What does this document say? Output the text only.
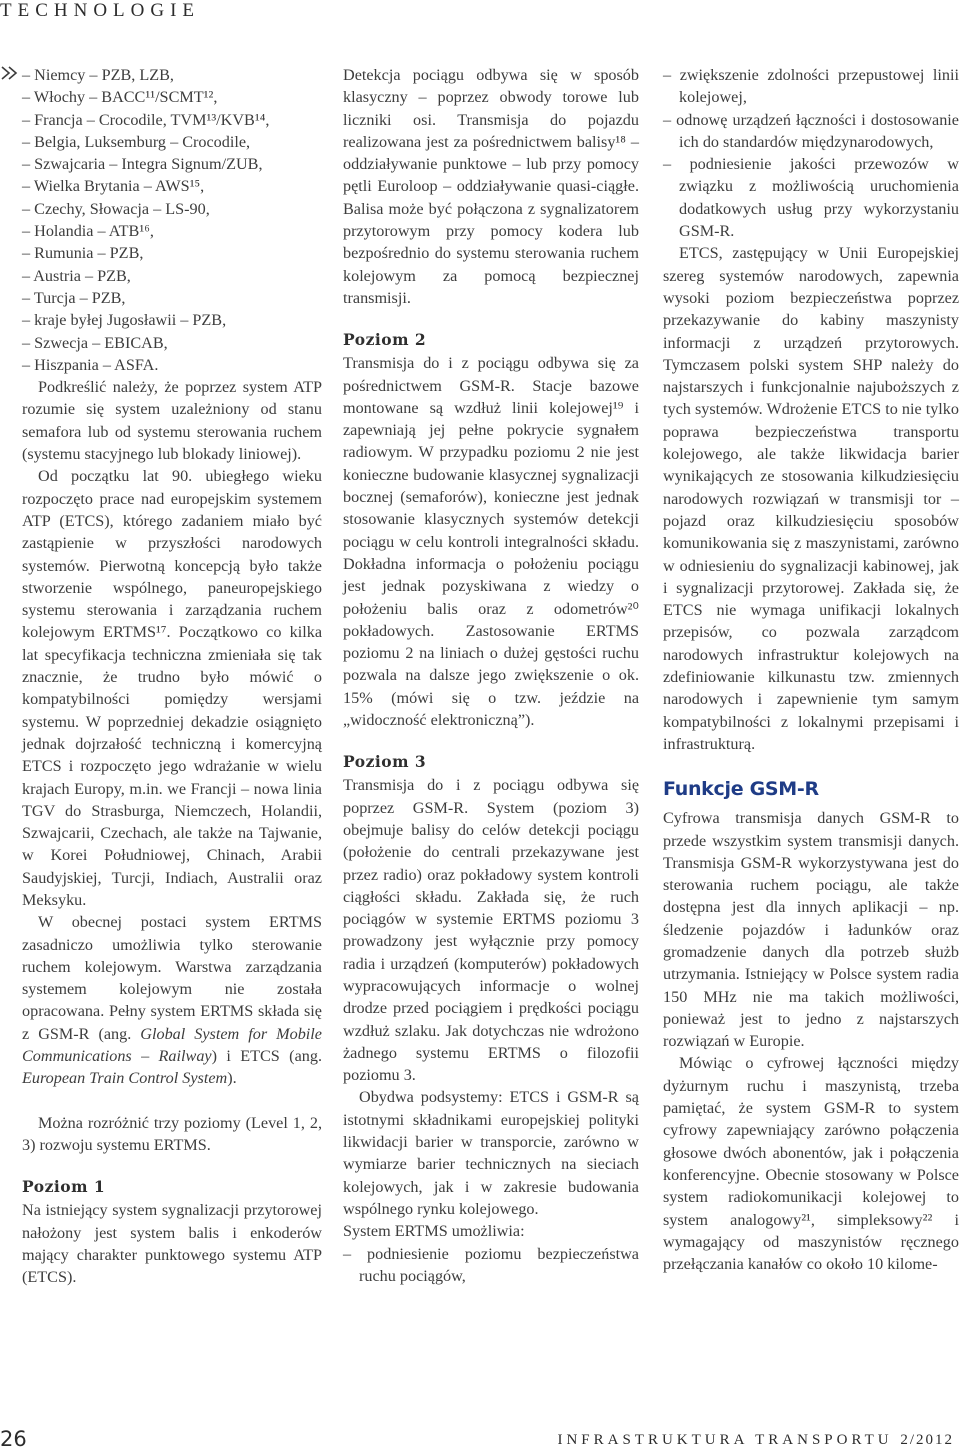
TECHNOLOGIE
– Niemcy – PZB, LZB,
– Włochy – BACC¹¹/SCMT¹²,
– Francja – Crocodile, TVM¹³/KVB¹⁴,
– Belgia, Luksemburg – Crocodile,
– Szwajcaria – Integra Signum/ZUB,
– Wielka Brytania – AWS¹⁵,
– Czechy, Słowacja – LS-90,
– Holandia – ATB¹⁶,
– Rumunia – PZB,
– Austria – PZB,
– Turcja – PZB,
– kraje byłej Jugosławii – PZB,
– Szwecja – EBICAB,
– Hiszpania – ASFA.

Podkreślić należy, że poprzez system ATP rozumie się system uzależniony od stanu semafora lub od systemu sterowania ruchem (systemu stacyjnego lub blokady liniowej).

Od początku lat 90. ubiegłego wieku rozpoczęto prace nad europejskim systemem ATP (ETCS), którego zadaniem miało być zastąpienie w przyszłości narodowych systemów. Pierwotną koncepcją było także stworzenie wspólnego, paneuropejskiego systemu sterowania i zarządzania ruchem kolejowym ERTMS¹⁷. Początkowo co kilka lat specyfikacja techniczna zmieniała się tak znacznie, że trudno było mówić o kompatybilności pomiędzy wersjami systemu. W poprzedniej dekadzie osiągnięto jednak dojrzałość techniczną i komercyjną ETCS i rozpoczęto jego wdrażanie w wielu krajach Europy, m.in. we Francji – nowa linia TGV do Strasburga, Niemczech, Holandii, Szwajcarii, Czechach, ale także na Tajwanie, w Korei Południowej, Chinach, Arabii Saudyjskiej, Turcji, Indiach, Australii oraz Meksyku.

W obecnej postaci system ERTMS zasadniczo umożliwia tylko sterowanie ruchem kolejowym. Warstwa zarządzania systemem kolejowym nie została opracowana. Pełny system ERTMS składa się z GSM-R (ang. Global System for Mobile Communications – Railway) i ETCS (ang. European Train Control System).

Można rozróżnić trzy poziomy (Level 1, 2, 3) rozwoju systemu ERTMS.

Poziom 1

Na istniejący system sygnalizacji przytorowej nałożony jest system balis i enkoderów mający charakter punktowego systemu ATP (ETCS).

Detekcja pociągu odbywa się w sposób klasyczny – poprzez obwody torowe lub liczniki osi. Transmisja do pojazdu realizowana jest za pośrednictwem balisy¹⁸ – oddziaływanie punktowe – lub przy pomocy pętli Euroloop – oddziaływanie quasi-ciągłe. Balisa może być połączona z sygnalizatorem przytorowym przy pomocy kodera lub bezpośrednio do systemu sterowania ruchem kolejowym za pomocą bezpiecznej transmisji.

Poziom 2

Transmisja do i z pociągu odbywa się za pośrednictwem GSM-R. Stacje bazowe montowane są wzdłuż linii kolejowej¹⁹ i zapewniają jej pełne pokrycie sygnałem radiowym. W przypadku poziomu 2 nie jest konieczne budowanie klasycznej sygnalizacji bocznej (semaforów), konieczne jest jednak stosowanie klasycznych systemów detekcji pociągu w celu kontroli integralności składu. Dokładna informacja o położeniu pociągu jest jednak pozyskiwana z wiedzy o położeniu balis oraz z odometrów²⁰ pokładowych. Zastosowanie ERTMS poziomu 2 na liniach o dużej gęstości ruchu pozwala na dalsze jego zwiększenie o ok. 15% (mówi się o tzw. jeździe na „widoczność elektroniczną”).

Poziom 3

Transmisja do i z pociągu odbywa się poprzez GSM-R. System (poziom 3) obejmuje balisy do celów detekcji pociągu (położenie do centrali przekazywane jest przez radio) oraz pokładowy system kontroli ciągłości składu. Zakłada się, że ruch pociągów w systemie ERTMS poziomu 3 prowadzony jest wyłącznie przy pomocy radia i urządzeń (komputerów) pokładowych wypracowujących informacje o wolnej drodze przed pociągiem i prędkości pociągu wzdłuż szlaku. Jak dotychczas nie wdrożono żadnego systemu ERTMS o filozofii poziomu 3.

Obydwa podsystemy: ETCS i GSM-R są istotnymi składnikami europejskiej polityki likwidacji barier w transporcie, zarówno w wymiarze barier technicznych na sieciach kolejowych, jak i w zakresie budowania wspólnego rynku kolejowego.

System ERTMS umożliwia:

– podniesienie poziomu bezpieczeństwa ruchu pociągów,

– zwiększenie zdolności przepustowej linii kolejowej,

– odnowę urządzeń łączności i dostosowanie ich do standardów międzynarodowych,

– podniesienie jakości przewozów w związku z możliwością uruchomienia dodatkowych usług przy wykorzystaniu GSM-R.

ETCS, zastępujący w Unii Europejskiej szereg systemów narodowych, zapewnia wysoki poziom bezpieczeństwa poprzez przekazywanie do kabiny maszynisty informacji z urządzeń przytorowych. Tymczasem polski system SHP należy do najstarszych i funkcjonalnie najuboższych z tych systemów. Wdrożenie ETCS to nie tylko poprawa bezpieczeństwa transportu kolejowego, ale także likwidacja barier wynikających ze stosowania kilkudziesięciu narodowych rozwiązań w transmisji tor – pojazd oraz kilkudziesięciu sposobów komunikowania się z maszynistami, zarówno w odniesieniu do sygnalizacji kabinowej, jak i sygnalizacji przytorowej. Zakłada się, że ETCS nie wymaga unifikacji lokalnych przepisów, co pozwala zarządcom narodowych infrastruktur kolejowych na zdefiniowanie kilkunastu tzw. zmiennych narodowych i zapewnienie tym samym kompatybilności z lokalnymi przepisami i infrastrukturą.

Funkcje GSM-R

Cyfrowa transmisja danych GSM-R to przede wszystkim system transmisji danych. Transmisja GSM-R wykorzystywana jest do sterowania ruchem pociągu, ale także dostępna jest dla innych aplikacji – np. śledzenie pojazdów i ładunków oraz gromadzenie danych dla potrzeb służb utrzymania. Istniejący w Polsce system radia 150 MHz nie ma takich możliwości, ponieważ jest to jedno z najstarszych rozwiązań w Europie.

Mówiąc o cyfrowej łączności między dyżurnym ruchu i maszynistą, trzeba pamiętać, że system GSM-R to system cyfrowy zapewniający zarówno połączenia głosowe dwóch abonentów, jak i połączenia konferencyjne. Obecnie stosowany w Polsce system radiokomunikacji kolejowej to system analogowy²¹, simpleksowy²² i wymagający od maszynistów ręcznego przełączania kanałów co około 10 kilome-

26	INFRASTRUKTURA TRANSPORTU 2/2012
